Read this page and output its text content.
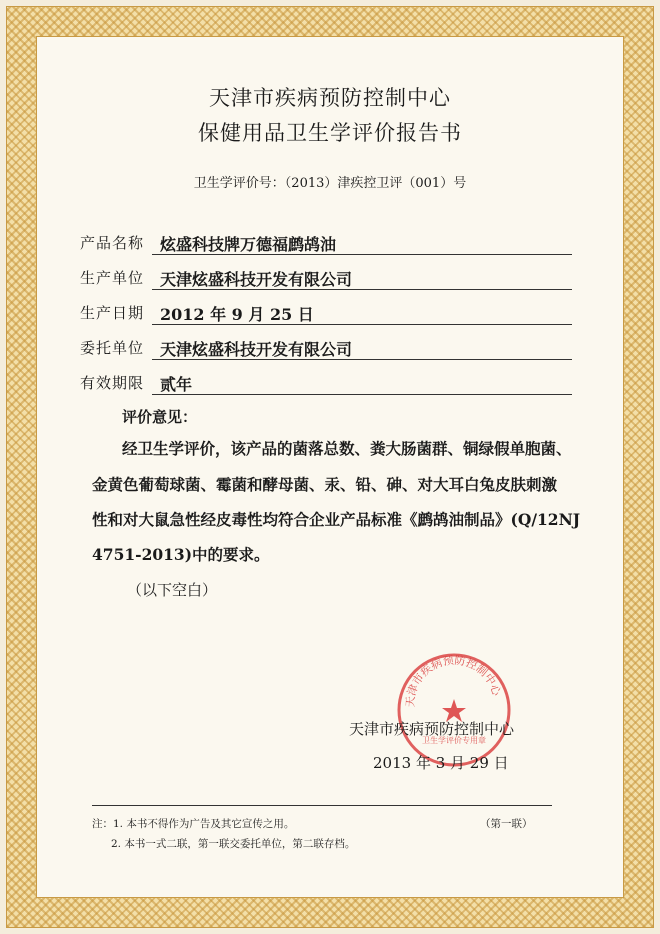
天津市疾病预防控制中心
保健用品卫生学评价报告书
卫生学评价号：（2013）津疾控卫评（001）号
产品名称 炫盛科技牌万德福鹧鸪油
生产单位 天津炫盛科技开发有限公司
生产日期 2012 年 9 月 25 日
委托单位 天津炫盛科技开发有限公司
有效期限 贰年
评价意见：
经卫生学评价，该产品的菌落总数、粪大肠菌群、铜绿假单胞菌、
金黄色葡萄球菌、霉菌和酵母菌、汞、铅、砷、对大耳白兔皮肤刺激
性和对大鼠急性经皮毒性均符合企业产品标准《鹧鸪油制品》(Q/12NJ
4751-2013)中的要求。
（以下空白）
天津市疾病预防控制中心
卫生学评价专用章
天津市疾病预防控制中心
2013 年 3 月 29 日
注：1. 本书不得作为广告及其它宣传之用。	（第一联）
2. 本书一式二联，第一联交委托单位，第二联存档。
